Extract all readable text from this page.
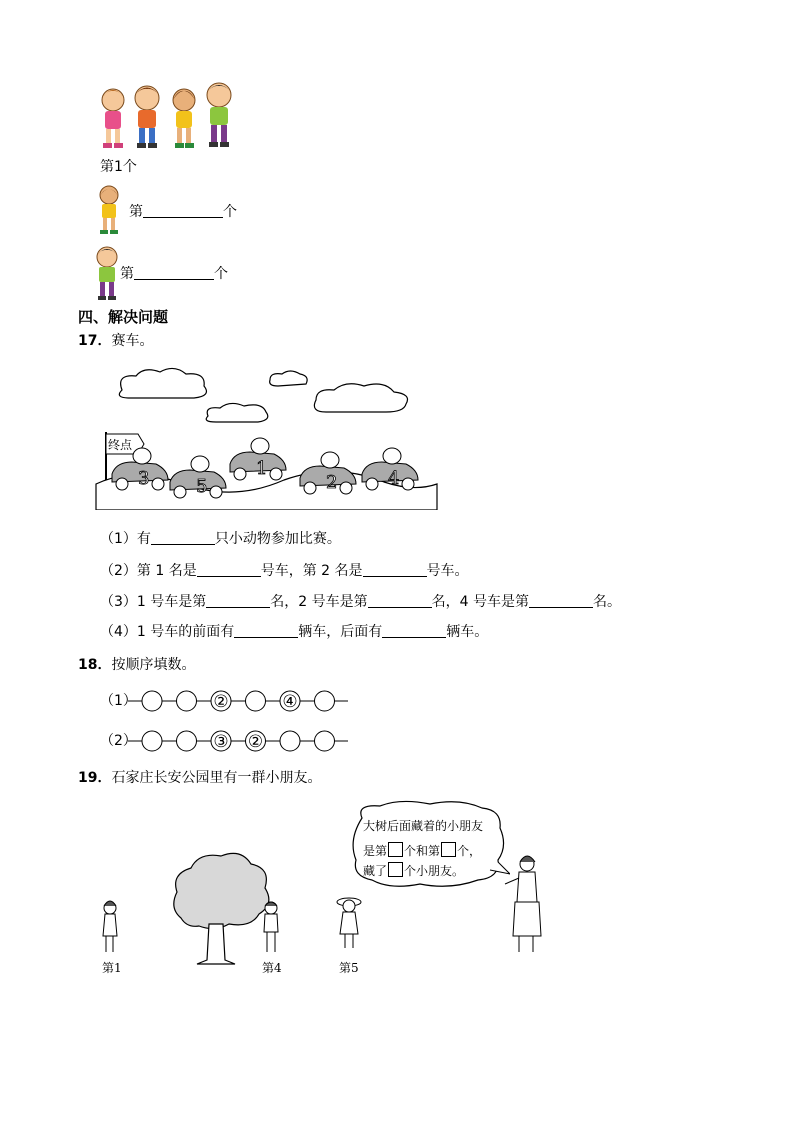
第1个
第	个
第	个
四、解决问题
17．赛车。
终点
3	5
1
2	4
（1）有	只小动物参加比赛。
（2）第 1 名是	号车，第 2 名是	号车。
（3）1 号车是第	名，2 号车是第	名，4 号车是第	名。
（4）1 号车的前面有	辆车，后面有	辆车。
18．按顺序填数。
（1）	②	④
（2）	③ ②
19．石家庄长安公园里有一群小朋友。
大树后面藏着的小朋友
是第 个和第 个，
藏了 个小朋友。
第1	第4	第5
